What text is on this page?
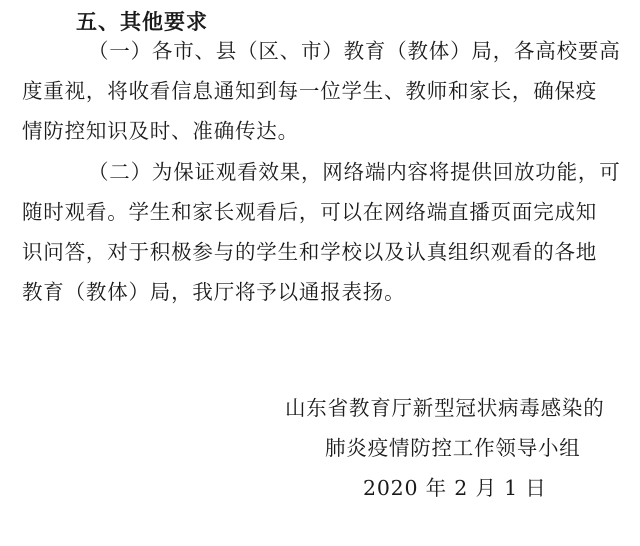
五、其他要求

（一）各市、县（区、市）教育（教体）局，各高校要高
度重视，将收看信息通知到每一位学生、教师和家长，确保疫
情防控知识及时、准确传达。

（二）为保证观看效果，网络端内容将提供回放功能，可
随时观看。学生和家长观看后，可以在网络端直播页面完成知
识问答，对于积极参与的学生和学校以及认真组织观看的各地
教育（教体）局，我厅将予以通报表扬。

山东省教育厅新型冠状病毒感染的
肺炎疫情防控工作领导小组
2020 年 2 月 1 日
